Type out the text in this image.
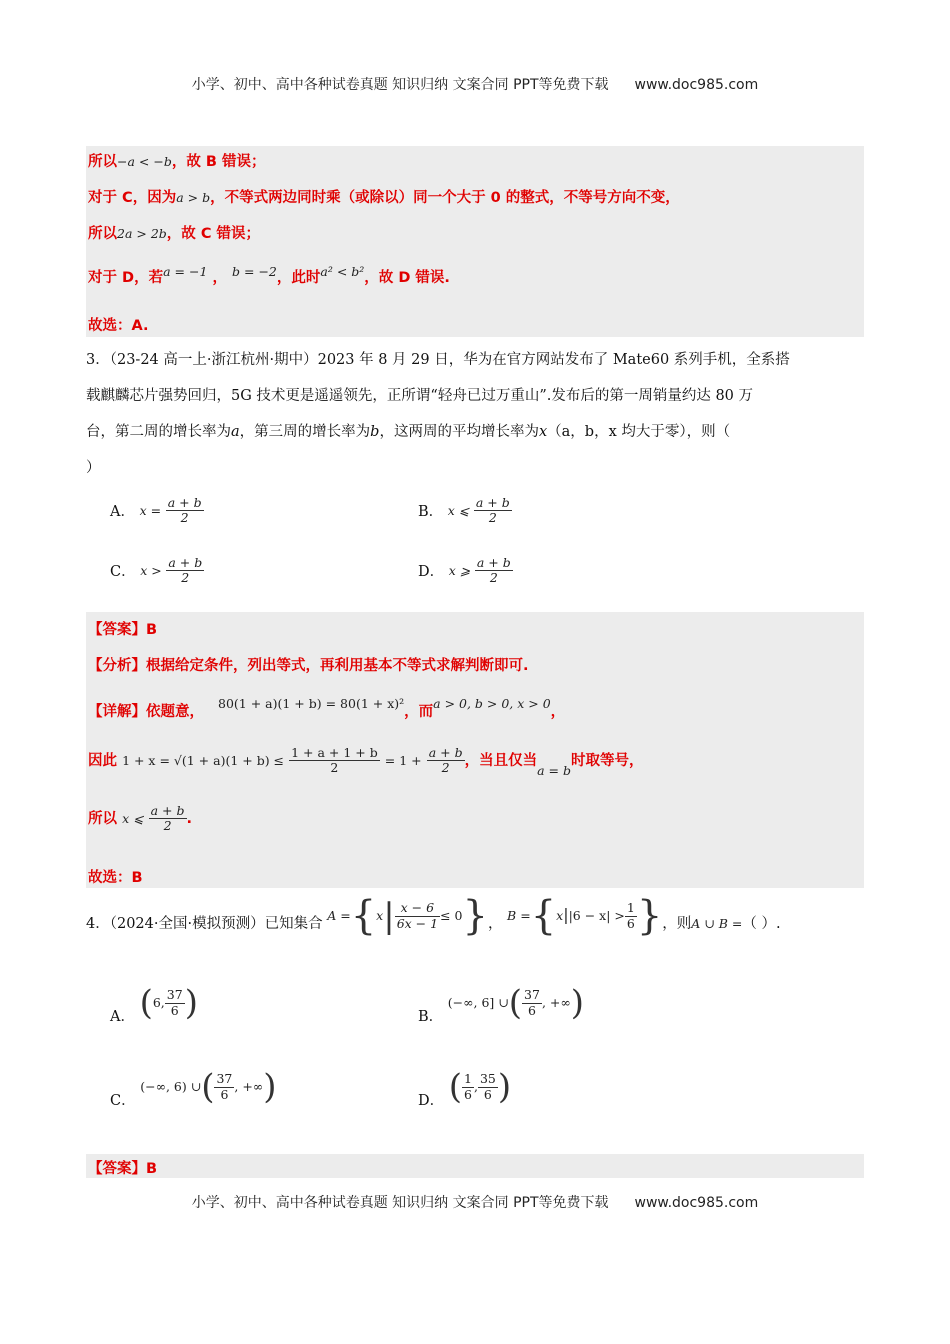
小学、初中、高中各种试卷真题 知识归纳 文案合同 PPT等免费下载 www.doc985.com
所以−a < −b，故 B 错误；
对于 C，因为a > b，不等式两边同时乘（或除以）同一个大于 0 的整式，不等号方向不变，
所以2a > 2b，故 C 错误；
对于 D，若a = −1 ， b = −2，此时a² < b²，故 D 错误.
故选：A.
3．（23-24 高一上·浙江杭州·期中）2023 年 8 月 29 日，华为在官方网站发布了 Mate60 系列手机，全系搭
载麒麟芯片强势回归，5G 技术更是遥遥领先，正所谓“轻舟已过万重山”.发布后的第一周销量约达 80 万
台，第二周的增长率为a，第三周的增长率为b，这两周的平均增长率为x（a，b，x 均大于零），则（
）
A． $x = \frac{a + b}{2}$	B． x ⩽ $\frac{a + b}{2}$
C． $x > \frac{a + b}{2}$	D． x ⩾ $\frac{a + b}{2}$
【答案】B
【分析】根据给定条件，列出等式，再利用基本不等式求解判断即可.
【详解】依题意，80(1 + a)(1 + b) = 80(1 + x)²，而a > 0, b > 0, x > 0，
因此 $1 + x = √(1 + a)(1 + b) \le \frac{1 + a + 1 + b}{2} = 1 + \frac{a + b}{2}$ ，当且仅当a = b时取等号，
所以 x ⩽ $\frac{a + b}{2}$ .
故选：B
4．（2024·全国·模拟预测）已知集合 $A =\{x| \frac{x - 6}{6x - 1} \le 0\}$， $B =\{x||6 - x| > \frac{1}{6}$ }，则A ∪ B =（ ）.
A． (6, $\frac{37}{6}$ )	B． (−∞, 6] ∪( $\frac{37}{6}$ , +∞)
C． (−∞, 6) ∪( $\frac{37}{6}$ , +∞)	D． ( $\frac{1}{6}$ , $\frac{35}{6}$ )
【答案】B
小学、初中、高中各种试卷真题 知识归纳 文案合同 PPT等免费下载 www.doc985.com
